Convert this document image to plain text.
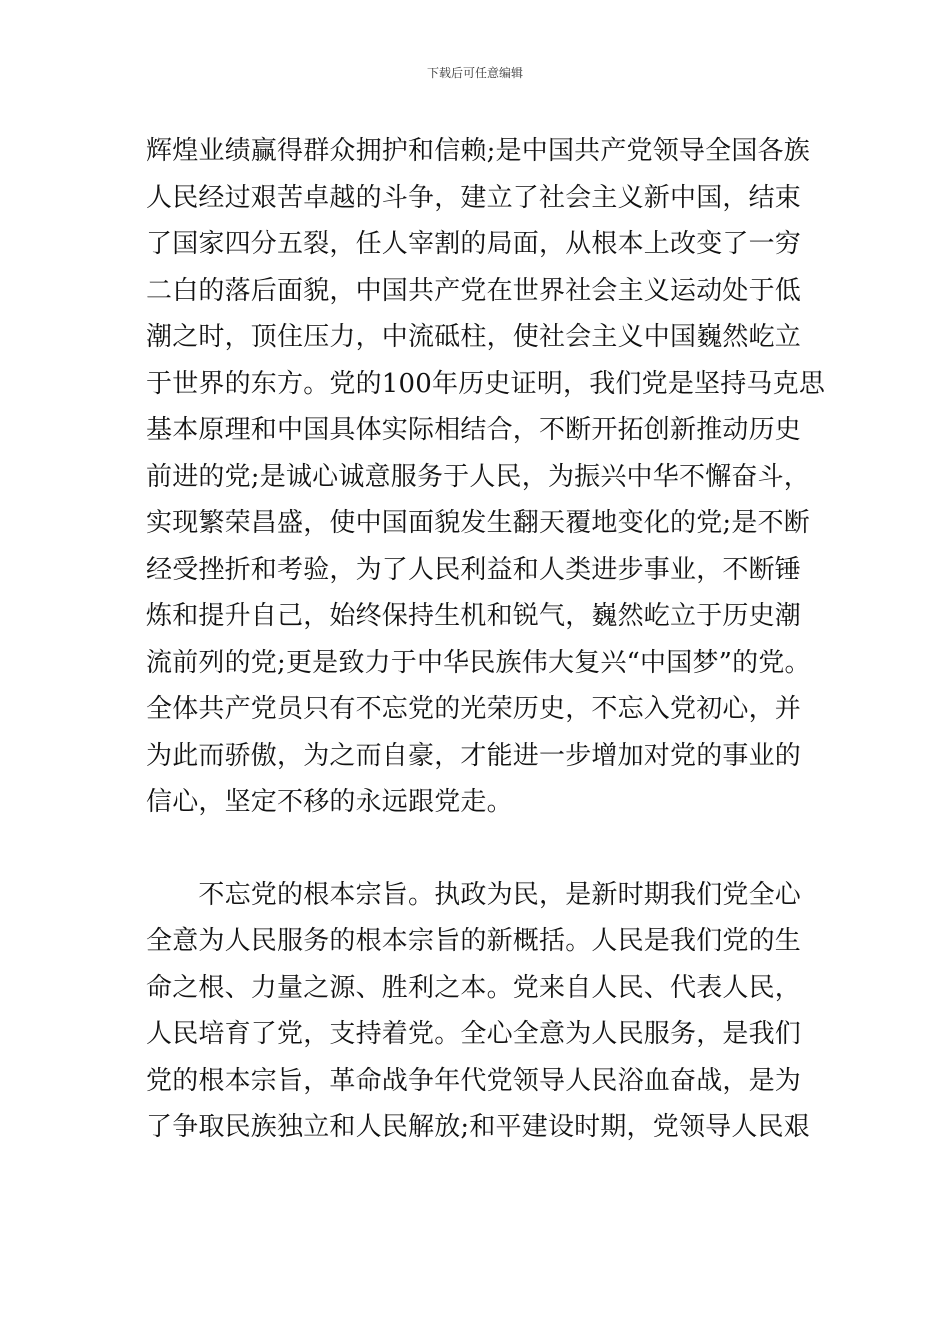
下载后可任意编辑
辉煌业绩赢得群众拥护和信赖;是中国共产党领导全国各族
人民经过艰苦卓越的斗争，建立了社会主义新中国，结束
了国家四分五裂，任人宰割的局面，从根本上改变了一穷
二白的落后面貌，中国共产党在世界社会主义运动处于低
潮之时，顶住压力，中流砥柱，使社会主义中国巍然屹立
于世界的东方。党的100年历史证明，我们党是坚持马克思
基本原理和中国具体实际相结合，不断开拓创新推动历史
前进的党;是诚心诚意服务于人民，为振兴中华不懈奋斗，
实现繁荣昌盛，使中国面貌发生翻天覆地变化的党;是不断
经受挫折和考验，为了人民利益和人类进步事业，不断锤
炼和提升自己，始终保持生机和锐气，巍然屹立于历史潮
流前列的党;更是致力于中华民族伟大复兴“中国梦”的党。
全体共产党员只有不忘党的光荣历史，不忘入党初心，并
为此而骄傲，为之而自豪，才能进一步增加对党的事业的
信心，坚定不移的永远跟党走。
　　不忘党的根本宗旨。执政为民，是新时期我们党全心
全意为人民服务的根本宗旨的新概括。人民是我们党的生
命之根、力量之源、胜利之本。党来自人民、代表人民，
人民培育了党，支持着党。全心全意为人民服务，是我们
党的根本宗旨，革命战争年代党领导人民浴血奋战，是为
了争取民族独立和人民解放;和平建设时期，党领导人民艰
